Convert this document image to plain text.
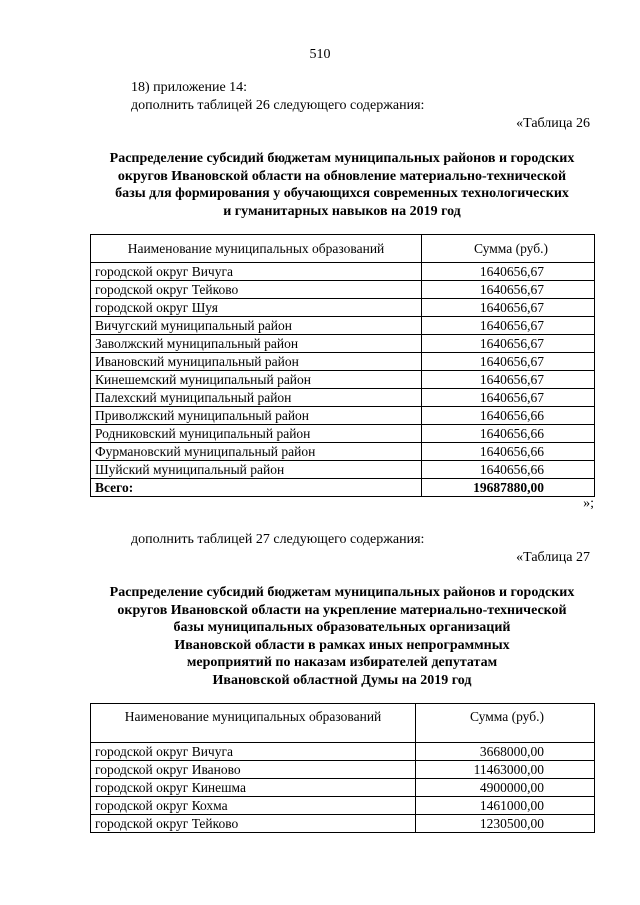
510
18) приложение 14:
дополнить таблицей 26 следующего содержания:
«Таблица 26
Распределение субсидий бюджетам муниципальных районов и городских
округов Ивановской области на обновление материально-технической
базы для формирования у обучающихся современных технологических
и гуманитарных навыков на 2019 год
Наименование муниципальных образований	Сумма (руб.)
городской округ Вичуга	1640656,67
городской округ Тейково	1640656,67
городской округ Шуя	1640656,67
Вичугский муниципальный район	1640656,67
Заволжский муниципальный район	1640656,67
Ивановский муниципальный район	1640656,67
Кинешемский муниципальный район	1640656,67
Палехский муниципальный район	1640656,67
Приволжский муниципальный район	1640656,66
Родниковский муниципальный район	1640656,66
Фурмановский муниципальный район	1640656,66
Шуйский муниципальный район	1640656,66
Всего:	19687880,00
»;
дополнить таблицей 27 следующего содержания:
«Таблица 27
Распределение субсидий бюджетам муниципальных районов и городских
округов Ивановской области на укрепление материально-технической
базы муниципальных образовательных организаций
Ивановской области в рамках иных непрограммных
мероприятий по наказам избирателей депутатам
Ивановской областной Думы на 2019 год
Наименование муниципальных образований	Сумма (руб.)
городской округ Вичуга	3668000,00
городской округ Иваново	11463000,00
городской округ Кинешма	4900000,00
городской округ Кохма	1461000,00
городской округ Тейково	1230500,00
